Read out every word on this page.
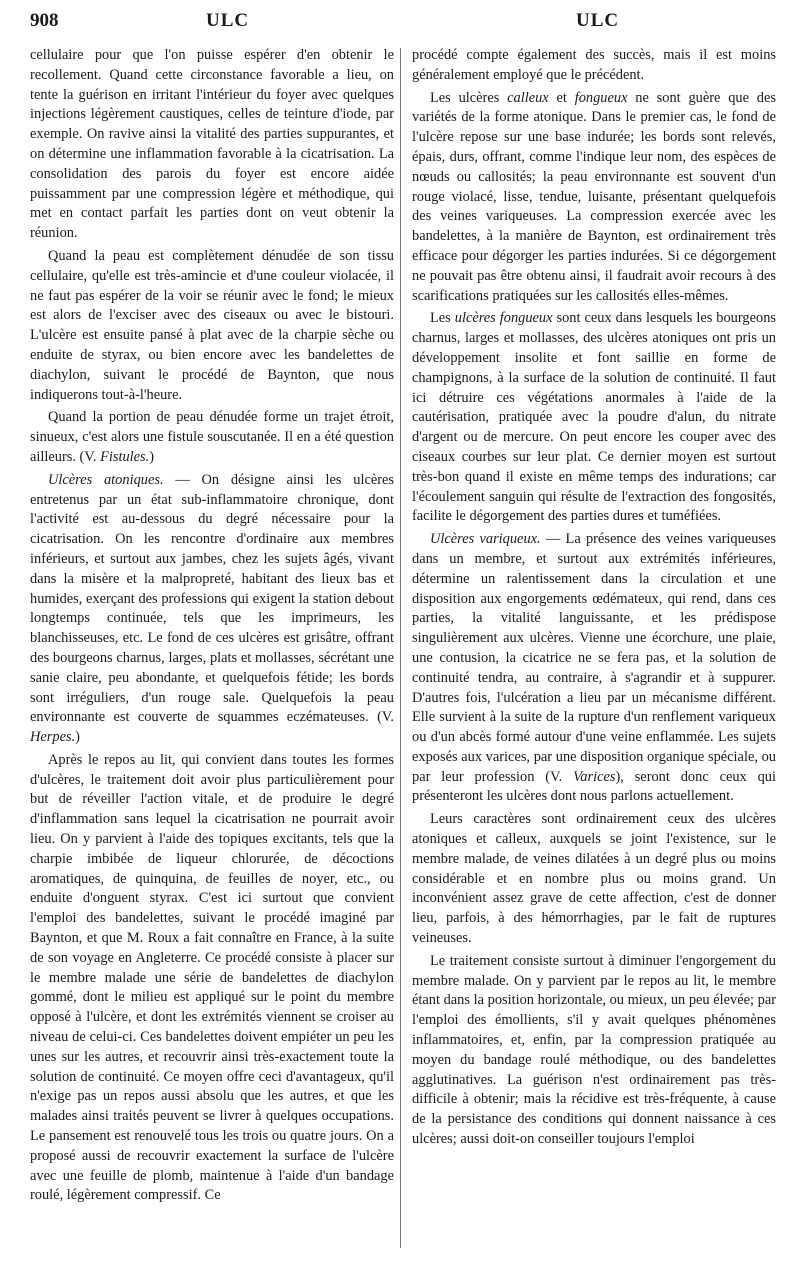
908	ULC	ULC

cellulaire pour que l'on puisse espérer d'en obtenir le recollement. Quand cette circonstance favorable a lieu, on tente la guérison en irritant l'intérieur du foyer avec quelques injections légèrement caustiques, celles de teinture d'iode, par exemple. On ravive ainsi la vitalité des parties suppurantes, et on détermine une inflammation favorable à la cicatrisation. La consolidation des parois du foyer est encore aidée puissamment par une compression légère et méthodique, qui met en contact parfait les parties dont on veut obtenir la réunion.

Quand la peau est complètement dénudée de son tissu cellulaire, qu'elle est très-amincie et d'une couleur violacée, il ne faut pas espérer de la voir se réunir avec le fond; le mieux est alors de l'exciser avec des ciseaux ou avec le bistouri. L'ulcère est ensuite pansé à plat avec de la charpie sèche ou enduite de styrax, ou bien encore avec les bandelettes de diachylon, suivant le procédé de Baynton, que nous indiquerons tout-à-l'heure.

Quand la portion de peau dénudée forme un trajet étroit, sinueux, c'est alors une fistule souscutanée. Il en a été question ailleurs. (V. Fistules.)

Ulcères atoniques. — On désigne ainsi les ulcères entretenus par un état sub-inflammatoire chronique, dont l'activité est au-dessous du degré nécessaire pour la cicatrisation. On les rencontre d'ordinaire aux membres inférieurs, et surtout aux jambes, chez les sujets âgés, vivant dans la misère et la malpropreté, habitant des lieux bas et humides, exerçant des professions qui exigent la station debout longtemps continuée, tels que les imprimeurs, les blanchisseuses, etc. Le fond de ces ulcères est grisâtre, offrant des bourgeons charnus, larges, plats et mollasses, sécrétant une sanie claire, peu abondante, et quelquefois fétide; les bords sont irréguliers, d'un rouge sale. Quelquefois la peau environnante est couverte de squammes eczémateuses. (V. Herpes.)

Après le repos au lit, qui convient dans toutes les formes d'ulcères, le traitement doit avoir plus particulièrement pour but de réveiller l'action vitale, et de produire le degré d'inflammation sans lequel la cicatrisation ne pourrait avoir lieu. On y parvient à l'aide des topiques excitants, tels que la charpie imbibée de liqueur chlorurée, de décoctions aromatiques, de quinquina, de feuilles de noyer, etc., ou enduite d'onguent styrax. C'est ici surtout que convient l'emploi des bandelettes, suivant le procédé imaginé par Baynton, et que M. Roux a fait connaître en France, à la suite de son voyage en Angleterre. Ce procédé consiste à placer sur le membre malade une série de bandelettes de diachylon gommé, dont le milieu est appliqué sur le point du membre opposé à l'ulcère, et dont les extrémités viennent se croiser au niveau de celui-ci. Ces bandelettes doivent empiéter un peu les unes sur les autres, et recouvrir ainsi très-exactement toute la solution de continuité. Ce moyen offre ceci d'avantageux, qu'il n'exige pas un repos aussi absolu que les autres, et que les malades ainsi traités peuvent se livrer à quelques occupations. Le pansement est renouvelé tous les trois ou quatre jours. On a proposé aussi de recouvrir exactement la surface de l'ulcère avec une feuille de plomb, maintenue à l'aide d'un bandage roulé, légèrement compressif. Ce

procédé compte également des succès, mais il est moins généralement employé que le précédent.

Les ulcères calleux et fongueux ne sont guère que des variétés de la forme atonique. Dans le premier cas, le fond de l'ulcère repose sur une base indurée; les bords sont relevés, épais, durs, offrant, comme l'indique leur nom, des espèces de nœuds ou callosités; la peau environnante est souvent d'un rouge violacé, lisse, tendue, luisante, présentant quelquefois des veines variqueuses. La compression exercée avec les bandelettes, à la manière de Baynton, est ordinairement très efficace pour dégorger les parties indurées. Si ce dégorgement ne pouvait pas être obtenu ainsi, il faudrait avoir recours à des scarifications pratiquées sur les callosités elles-mêmes.

Les ulcères fongueux sont ceux dans lesquels les bourgeons charnus, larges et mollasses, des ulcères atoniques ont pris un développement insolite et font saillie en forme de champignons, à la surface de la solution de continuité. Il faut ici détruire ces végétations anormales à l'aide de la cautérisation, pratiquée avec la poudre d'alun, du nitrate d'argent ou de mercure. On peut encore les couper avec des ciseaux courbes sur leur plat. Ce dernier moyen est surtout très-bon quand il existe en même temps des indurations; car l'écoulement sanguin qui résulte de l'extraction des fongosités, facilite le dégorgement des parties dures et tuméfiées.

Ulcères variqueux. — La présence des veines variqueuses dans un membre, et surtout aux extrémités inférieures, détermine un ralentissement dans la circulation et une disposition aux engorgements œdémateux, qui rend, dans ces parties, la vitalité languissante, et les prédispose singulièrement aux ulcères. Vienne une écorchure, une plaie, une contusion, la cicatrice ne se fera pas, et la solution de continuité tendra, au contraire, à s'agrandir et à suppurer. D'autres fois, l'ulcération a lieu par un mécanisme différent. Elle survient à la suite de la rupture d'un renflement variqueux ou d'un abcès formé autour d'une veine enflammée. Les sujets exposés aux varices, par une disposition organique spéciale, ou par leur profession (V. Varices), seront donc ceux qui présenteront les ulcères dont nous parlons actuellement.

Leurs caractères sont ordinairement ceux des ulcères atoniques et calleux, auxquels se joint l'existence, sur le membre malade, de veines dilatées à un degré plus ou moins considérable et en nombre plus ou moins grand. Un inconvénient assez grave de cette affection, c'est de donner lieu, parfois, à des hémorrhagies, par le fait de ruptures veineuses.

Le traitement consiste surtout à diminuer l'engorgement du membre malade. On y parvient par le repos au lit, le membre étant dans la position horizontale, ou mieux, un peu élevée; par l'emploi des émollients, s'il y avait quelques phénomènes inflammatoires, et, enfin, par la compression pratiquée au moyen du bandage roulé méthodique, ou des bandelettes agglutinatives. La guérison n'est ordinairement pas très-difficile à obtenir; mais la récidive est très-fréquente, à cause de la persistance des conditions qui donnent naissance à ces ulcères; aussi doit-on conseiller toujours l'emploi
